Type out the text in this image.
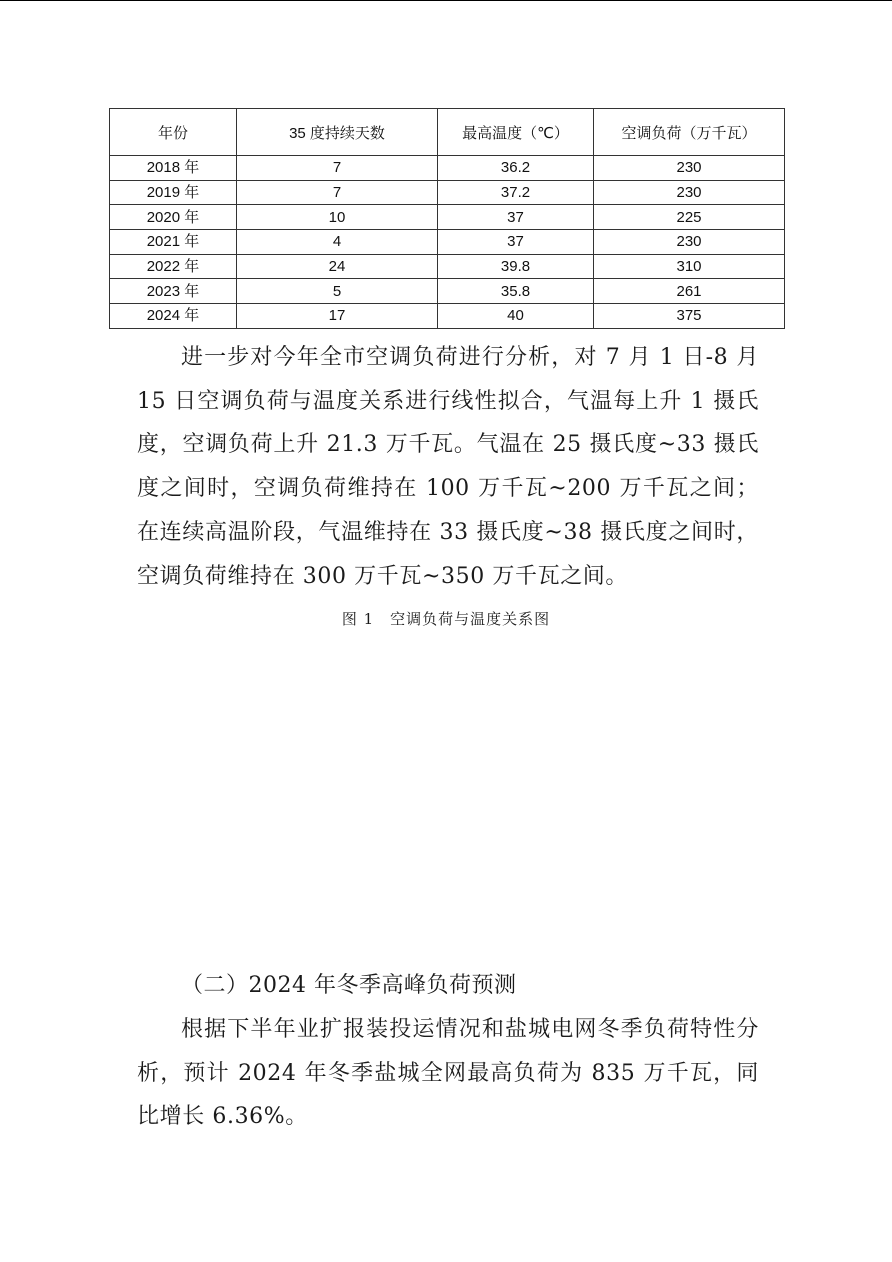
年份	35 度持续天数	最高温度（℃）	空调负荷（万千瓦）
2018 年	7	36.2	230
2019 年	7	37.2	230
2020 年	10	37	225
2021 年	4	37	230
2022 年	24	39.8	310
2023 年	5	35.8	261
2024 年	17	40	375

进一步对今年全市空调负荷进行分析，对 7 月 1 日-8 月 15 日空调负荷与温度关系进行线性拟合，气温每上升 1 摄氏度，空调负荷上升 21.3 万千瓦。气温在 25 摄氏度~33 摄氏度之间时，空调负荷维持在 100 万千瓦~200 万千瓦之间；在连续高温阶段，气温维持在 33 摄氏度~38 摄氏度之间时，空调负荷维持在 300 万千瓦~350 万千瓦之间。

图 1　空调负荷与温度关系图
（二）2024 年冬季高峰负荷预测

根据下半年业扩报装投运情况和盐城电网冬季负荷特性分析，预计 2024 年冬季盐城全网最高负荷为 835 万千瓦，同比增长 6.36%。
